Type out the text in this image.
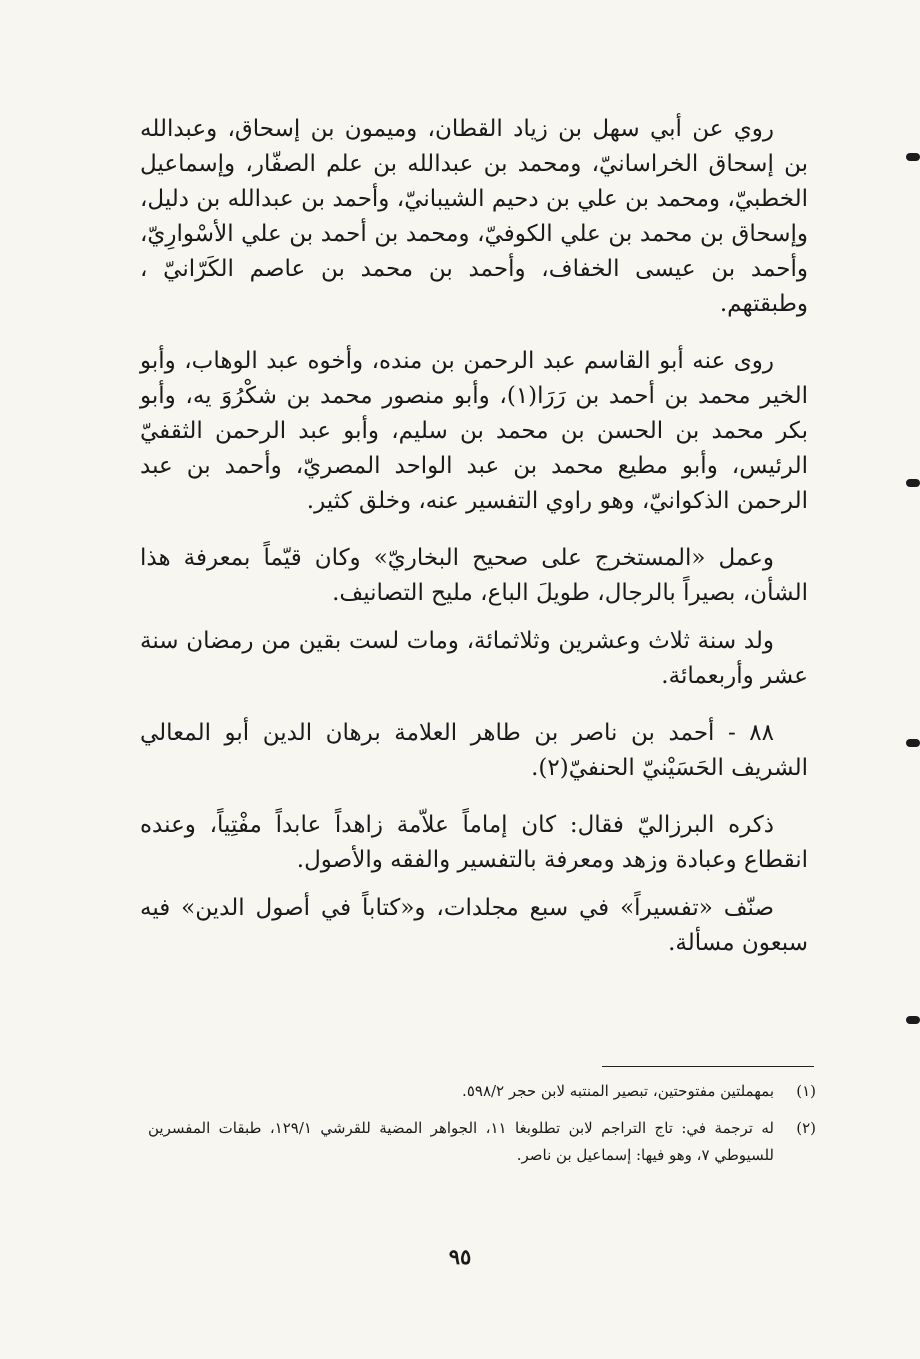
روي عن أبي سهل بن زياد القطان، وميمون بن إسحاق، وعبدالله بن إسحاق الخراسانيّ، ومحمد بن عبدالله بن علم الصفّار، وإسماعيل الخطبيّ، ومحمد بن علي بن دحيم الشيبانيّ، وأحمد بن عبدالله بن دليل، وإسحاق بن محمد بن علي الكوفيّ، ومحمد بن أحمد بن علي الأسْوارِيّ، وأحمد بن عيسى الخفاف، وأحمد بن محمد بن عاصم الكَرّانيّ ، وطبقتهم.

روى عنه أبو القاسم عبد الرحمن بن منده، وأخوه عبد الوهاب، وأبو الخير محمد بن أحمد بن رَرَا(١)، وأبو منصور محمد بن شكْرُوَ يه، وأبو بكر محمد بن الحسن بن محمد بن سليم، وأبو عبد الرحمن الثقفيّ الرئيس، وأبو مطيع محمد بن عبد الواحد المصريّ، وأحمد بن عبد الرحمن الذكوانيّ، وهو راوي التفسير عنه، وخلق كثير.

وعمل «المستخرج على صحيح البخاريّ» وكان قيّماً بمعرفة هذا الشأن، بصيراً بالرجال، طويلَ الباع، مليح التصانيف.

ولد سنة ثلاث وعشرين وثلاثمائة، ومات لست بقين من رمضان سنة عشر وأربعمائة.

٨٨ - أحمد بن ناصر بن طاهر العلامة برهان الدين أبو المعالي الشريف الحَسَيْنيّ الحنفيّ(٢).

ذكره البرزاليّ فقال: كان إماماً علاّمة زاهداً عابداً مفْتِياً، وعنده انقطاع وعبادة وزهد ومعرفة بالتفسير والفقه والأصول.

صنّف «تفسيراً» في سبع مجلدات، و«كتاباً في أصول الدين» فيه سبعون مسألة.

(١)
بمهملتين مفتوحتين، تبصير المنتبه لابن حجر ٥٩٨/٢.
(٢)
له ترجمة في: تاج التراجم لابن تطلوبغا ١١، الجواهر المضية للقرشي ١٢٩/١، طبقات المفسرين للسيوطي ٧، وهو فيها: إسماعيل بن ناصر.
٩٥
